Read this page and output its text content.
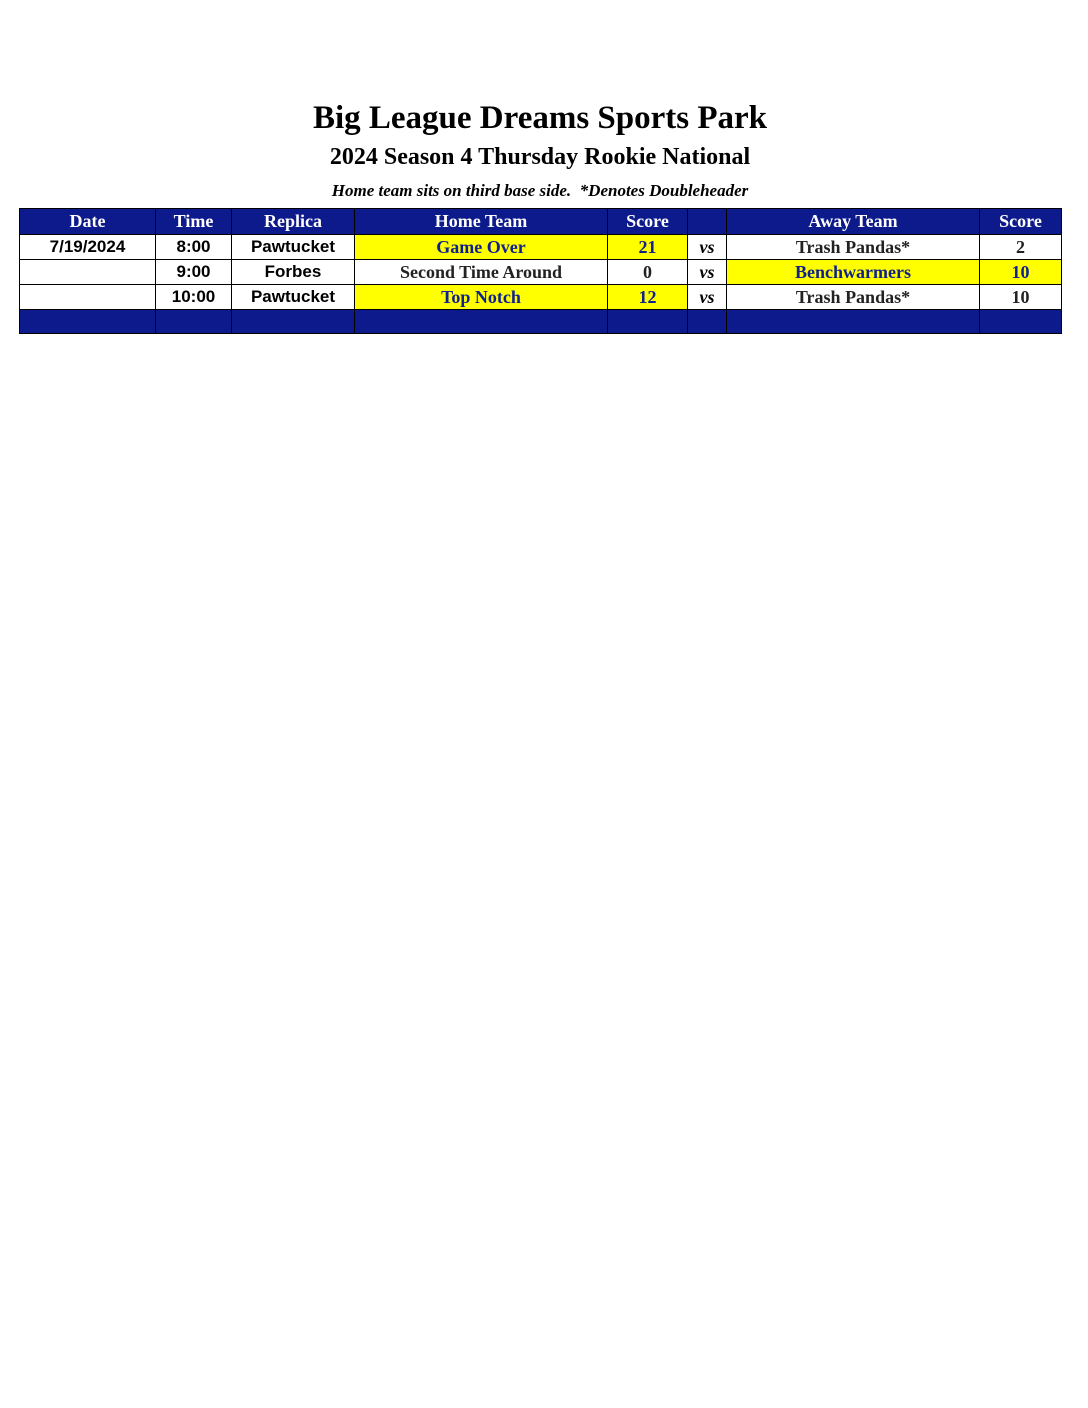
Big League Dreams Sports Park
2024 Season 4 Thursday Rookie National
Home team sits on third base side.  *Denotes Doubleheader
Date	Time	Replica	Home Team	Score		Away Team	Score
7/19/2024	8:00	Pawtucket	Game Over	21	vs	Trash Pandas*	2
	9:00	Forbes	Second Time Around	0	vs	Benchwarmers	10
	10:00	Pawtucket	Top Notch	12	vs	Trash Pandas*	10
